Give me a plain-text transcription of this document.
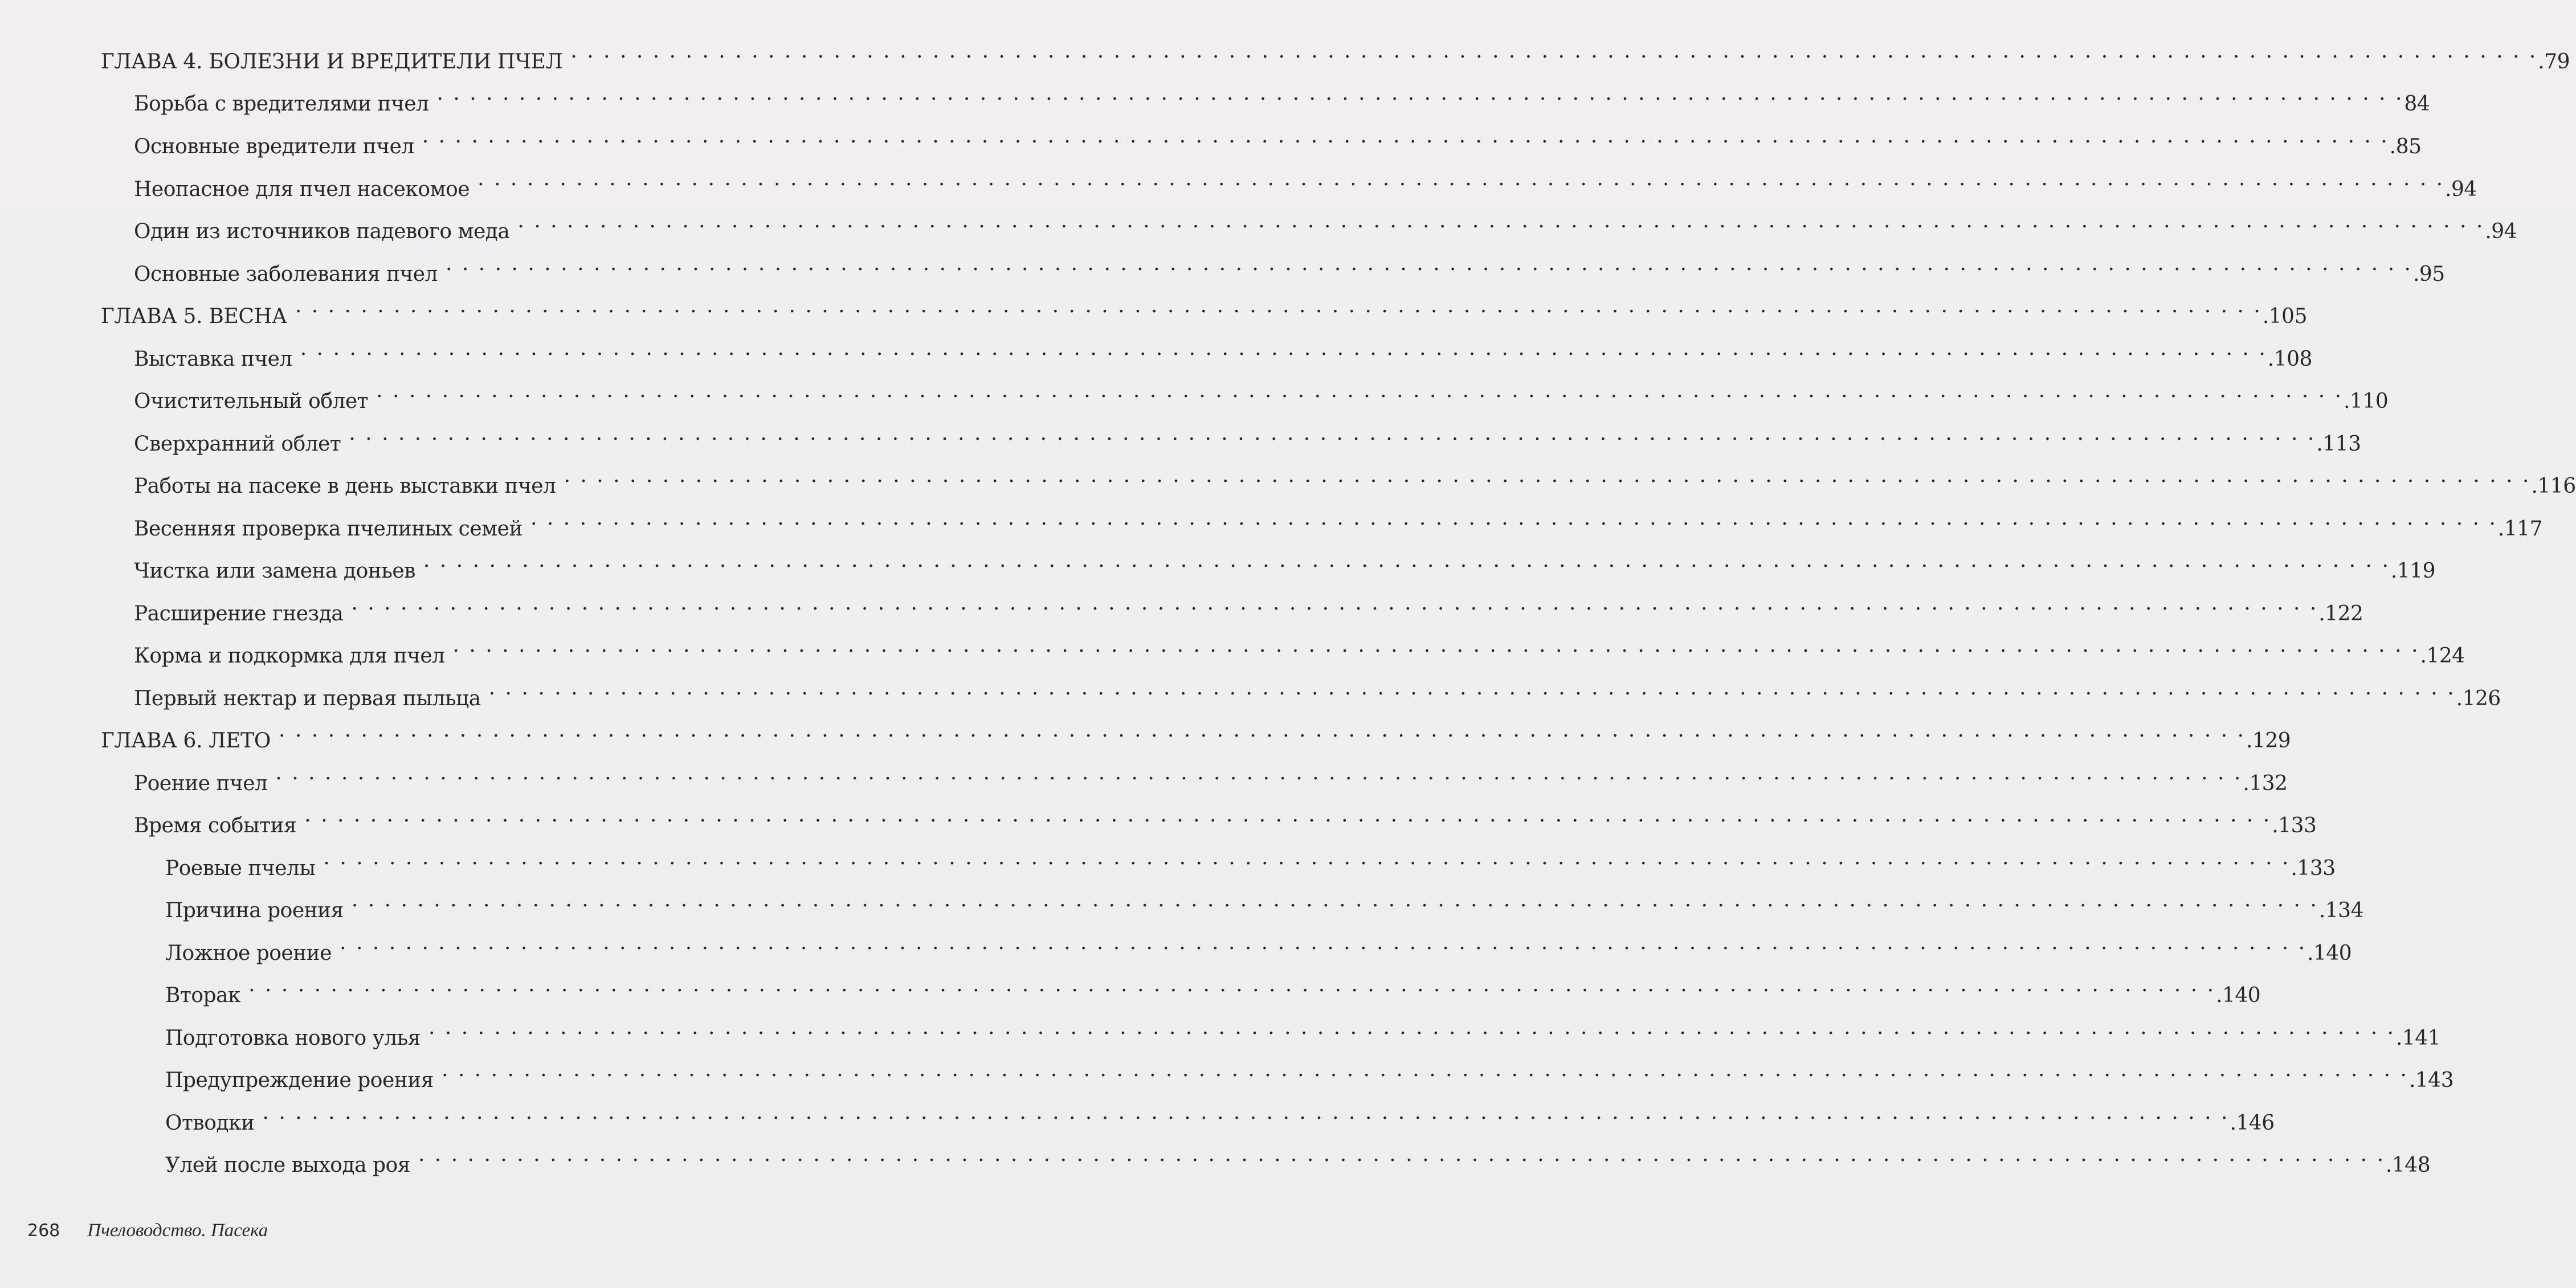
ГЛАВА 4. БОЛЕЗНИ И ВРЕДИТЕЛИ ПЧЕЛ . . .	.79
Борьба с вредителями пчел . . .	84
Основные вредители пчел . . .	.85
Неопасное для пчел насекомое . . .	.94
Один из источников падевого меда . . .	.94
Основные заболевания пчел . . .	.95
ГЛАВА 5. ВЕСНА . . .	.105
Выставка пчел . . .	.108
Очистительный облет . . .	.110
Сверхранний облет . . .	.113
Работы на пасеке в день выставки пчел . . .	.116
Весенняя проверка пчелиных семей . . .	.117
Чистка или замена доньев . . .	.119
Расширение гнезда . . .	.122
Корма и подкормка для пчел . . .	.124
Первый нектар и первая пыльца . . .	.126
ГЛАВА 6. ЛЕТО . . .	.129
Роение пчел . . .	.132
Время события . . .	.133
Роевые пчелы . . .	.133
Причина роения . . .	.134
Ложное роение . . .	.140
Вторак . . .	.140
Подготовка нового улья . . .	.141
Предупреждение роения . . .	.143
Отводки . . .	.146
Улей после выхода роя . . .	.148
268 Пчеловодство. Пасека
